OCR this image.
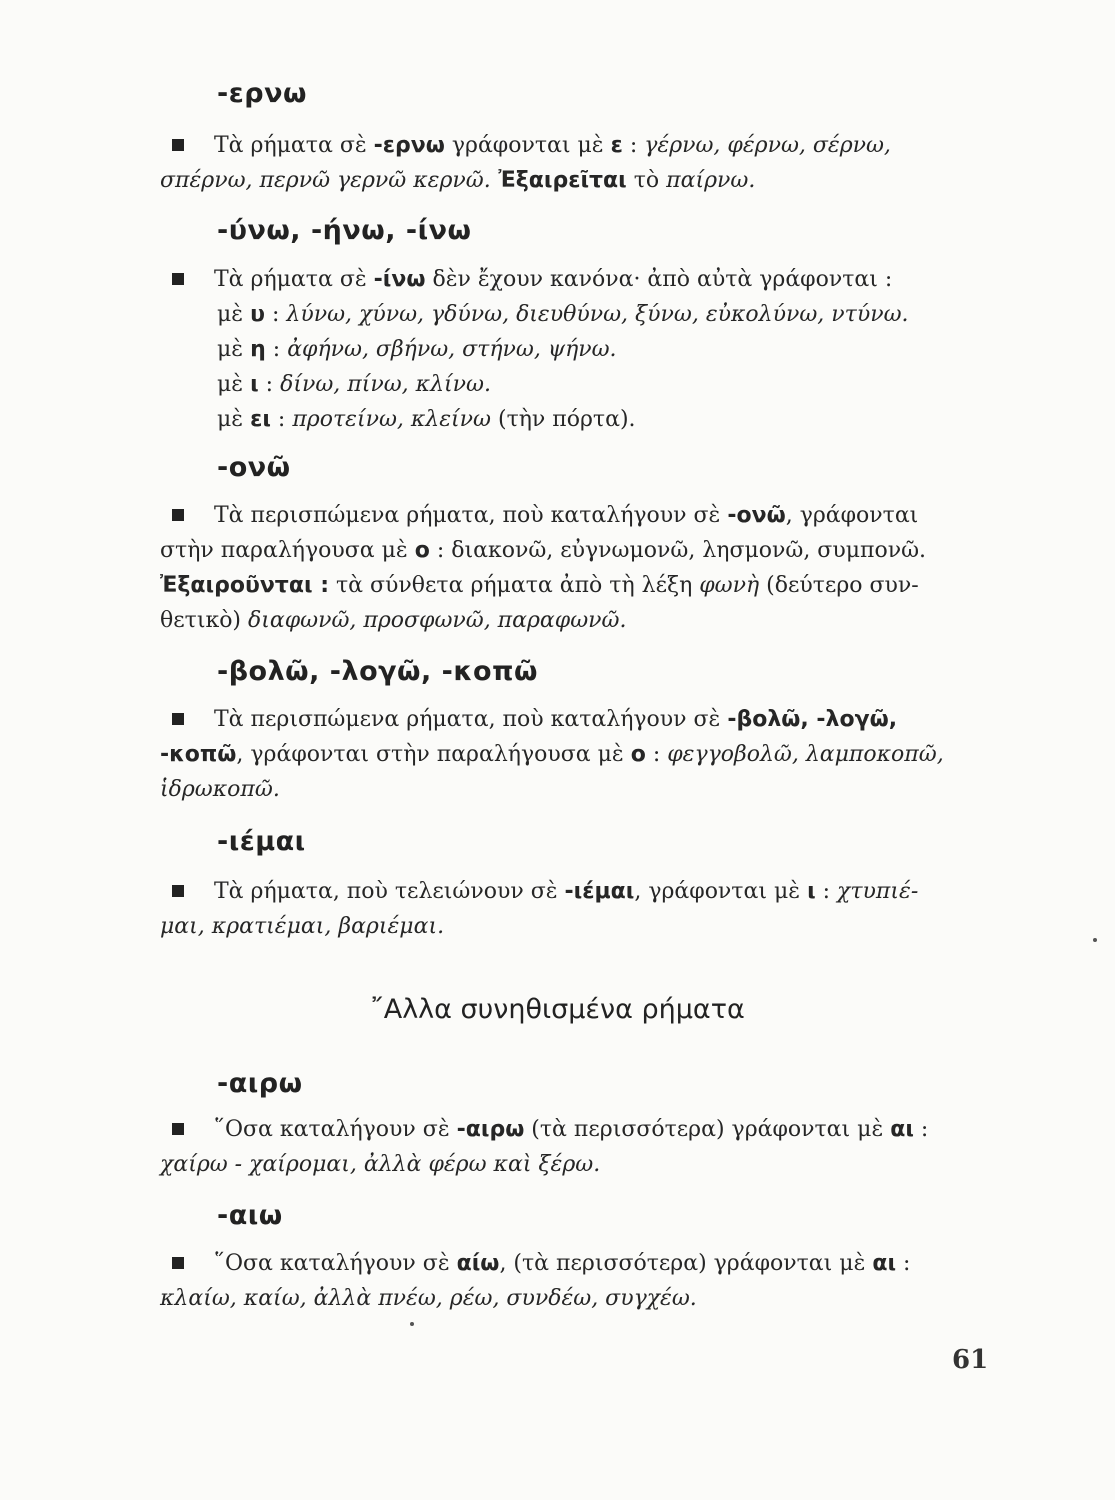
-ερνω
Τὰ ρήματα σὲ -ερνω γράφονται μὲ ε : γέρνω, φέρνω, σέρνω,
σπέρνω, περνῶ γερνῶ κερνῶ. Ἐξαιρεῖται τὸ παίρνω.
-ύνω, -ήνω, -ίνω
Τὰ ρήματα σὲ -ίνω δὲν ἔχουν κανόνα· ἀπὸ αὐτὰ γράφονται :
μὲ υ : λύνω, χύνω, γδύνω, διευθύνω, ξύνω, εὐκολύνω, ντύνω.
μὲ η : ἀφήνω, σβήνω, στήνω, ψήνω.
μὲ ι : δίνω, πίνω, κλίνω.
μὲ ει : προτείνω, κλείνω (τὴν πόρτα).
-ονῶ
Τὰ περισπώμενα ρήματα, ποὺ καταλήγουν σὲ -ονῶ, γράφονται
στὴν παραλήγουσα μὲ ο : διακονῶ, εὐγνωμονῶ, λησμονῶ, συμπονῶ.
Ἐξαιροῦνται : τὰ σύνθετα ρήματα ἀπὸ τὴ λέξη φωνὴ (δεύτερο συν-
θετικὸ) διαφωνῶ, προσφωνῶ, παραφωνῶ.
-βολῶ, -λογῶ, -κοπῶ
Τὰ περισπώμενα ρήματα, ποὺ καταλήγουν σὲ -βολῶ, -λογῶ,
-κοπῶ, γράφονται στὴν παραλήγουσα μὲ ο : φεγγοβολῶ, λαμποκοπῶ,
ἱδρωκοπῶ.
-ιέμαι
Τὰ ρήματα, ποὺ τελειώνουν σὲ -ιέμαι, γράφονται μὲ ι : χτυπιέ-
μαι, κρατιέμαι, βαριέμαι.
῎Αλλα συνηθισμένα ρήματα
-αιρω
῞Οσα καταλήγουν σὲ -αιρω (τὰ περισσότερα) γράφονται μὲ αι :
χαίρω - χαίρομαι, ἀλλὰ φέρω καὶ ξέρω.
-αιω
῞Οσα καταλήγουν σὲ αίω, (τὰ περισσότερα) γράφονται μὲ αι :
κλαίω, καίω, ἀλλὰ πνέω, ρέω, συνδέω, συγχέω.
61
